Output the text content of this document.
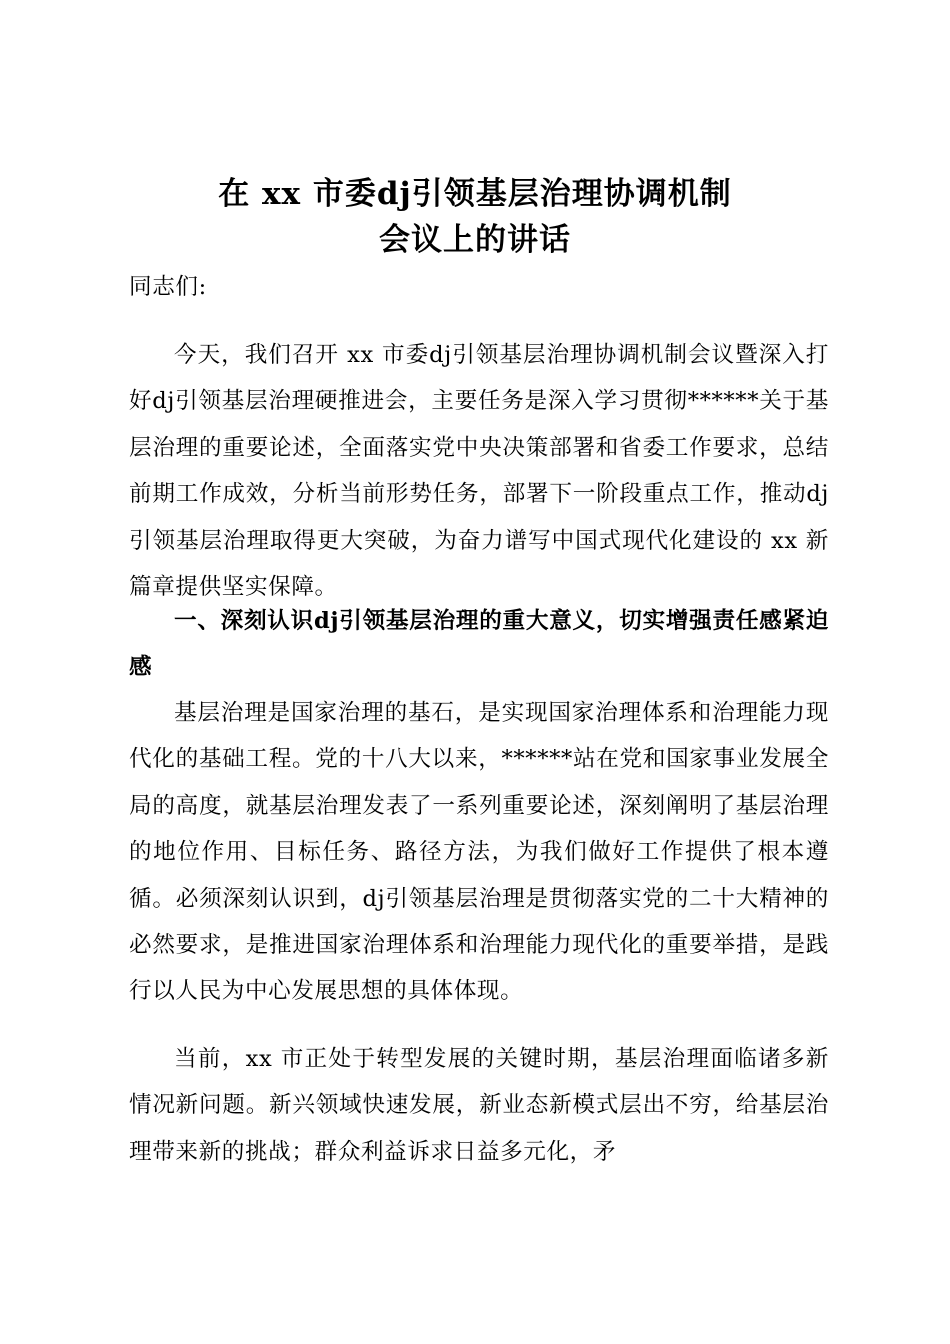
在 xx 市委dj引领基层治理协调机制
会议上的讲话

同志们:

今天，我们召开 xx 市委dj引领基层治理协调机制会议暨深入打好dj引领基层治理硬推进会，主要任务是深入学习贯彻******关于基层治理的重要论述，全面落实党中央决策部署和省委工作要求，总结前期工作成效，分析当前形势任务，部署下一阶段重点工作，推动dj引领基层治理取得更大突破，为奋力谱写中国式现代化建设的 xx 新篇章提供坚实保障。

一、深刻认识dj引领基层治理的重大意义，切实增强责任感紧迫感

基层治理是国家治理的基石，是实现国家治理体系和治理能力现代化的基础工程。党的十八大以来，******站在党和国家事业发展全局的高度，就基层治理发表了一系列重要论述，深刻阐明了基层治理的地位作用、目标任务、路径方法，为我们做好工作提供了根本遵循。必须深刻认识到，dj引领基层治理是贯彻落实党的二十大精神的必然要求，是推进国家治理体系和治理能力现代化的重要举措，是践行以人民为中心发展思想的具体体现。

当前，xx 市正处于转型发展的关键时期，基层治理面临诸多新情况新问题。新兴领域快速发展，新业态新模式层出不穷，给基层治理带来新的挑战；群众利益诉求日益多元化，矛
